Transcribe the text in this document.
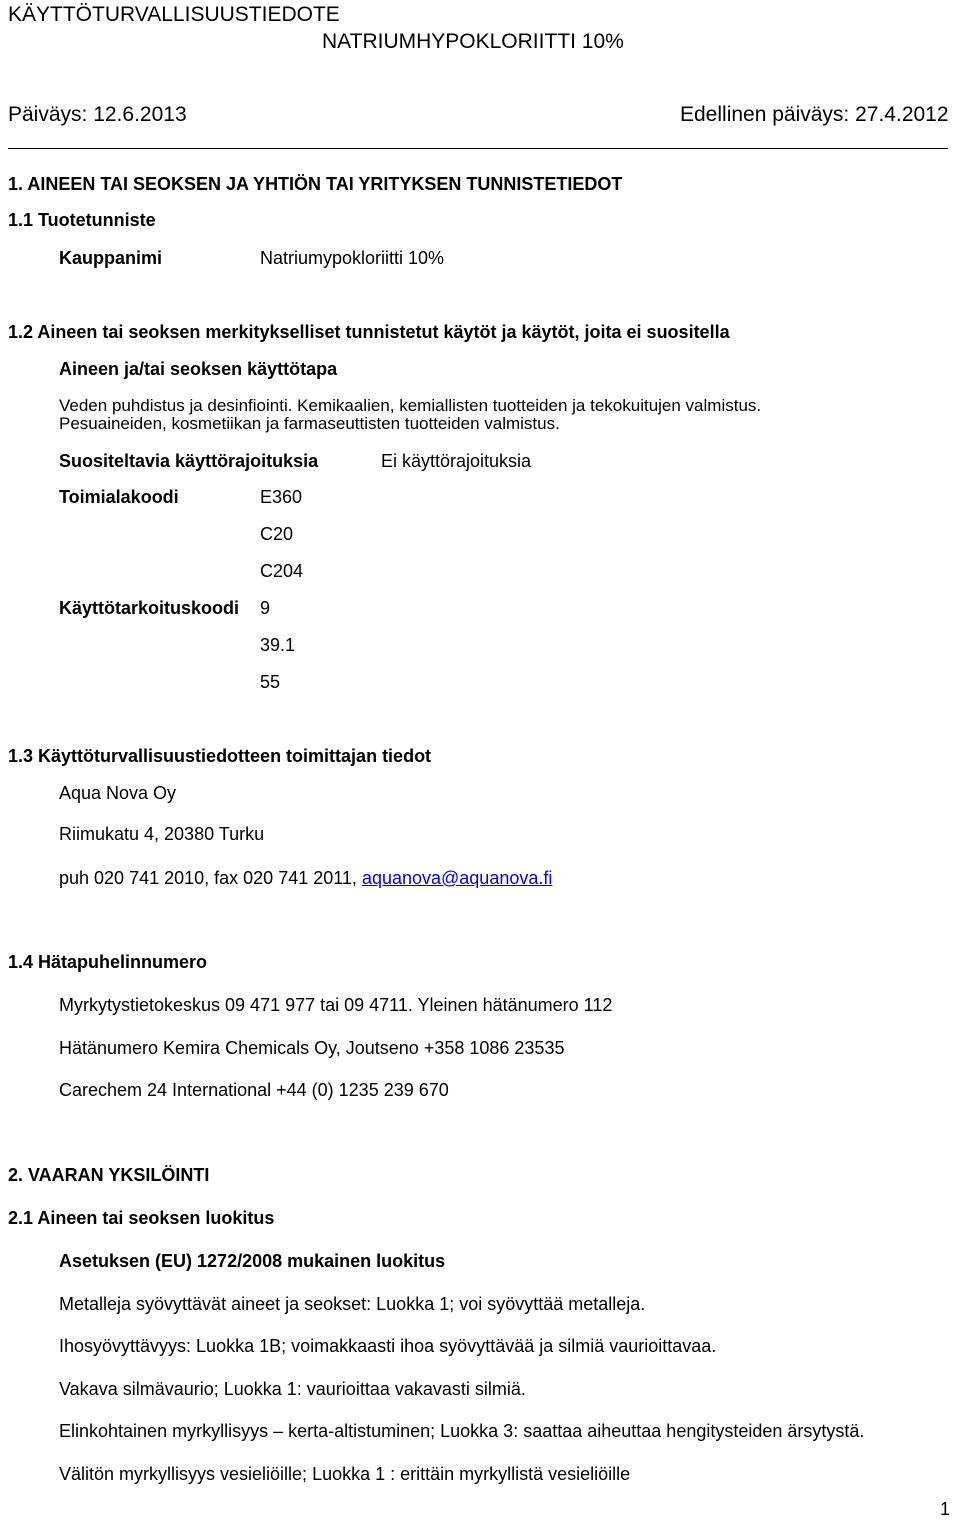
KÄYTTÖTURVALLISUUSTIEDOTE
NATRIUMHYPOKLORIITTI 10%
Päiväys: 12.6.2013	Edellinen päiväys: 27.4.2012
1. AINEEN TAI SEOKSEN JA YHTIÖN TAI YRITYKSEN TUNNISTETIEDOT
1.1 Tuotetunniste
Kauppanimi	Natriumypokloriitti 10%
1.2 Aineen tai seoksen merkitykselliset tunnistetut käytöt ja käytöt, joita ei suositella
Aineen ja/tai seoksen käyttötapa
Veden puhdistus ja desinfiointi. Kemikaalien, kemiallisten tuotteiden ja tekokuitujen valmistus.
Pesuaineiden, kosmetiikan ja farmaseuttisten tuotteiden valmistus.
Suositeltavia käyttörajoituksia	Ei käyttörajoituksia
Toimialakoodi	E360
C20
C204
Käyttötarkoituskoodi 9
39.1
55
1.3 Käyttöturvallisuustiedotteen toimittajan tiedot
Aqua Nova Oy
Riimukatu 4, 20380 Turku
puh 020 741 2010, fax 020 741 2011, aquanova@aquanova.fi
1.4 Hätapuhelinnumero
Myrkytystietokeskus 09 471 977 tai 09 4711. Yleinen hätänumero 112
Hätänumero Kemira Chemicals Oy, Joutseno +358 1086 23535
Carechem 24 International +44 (0) 1235 239 670
2. VAARAN YKSILÖINTI
2.1 Aineen tai seoksen luokitus
Asetuksen (EU) 1272/2008 mukainen luokitus
Metalleja syövyttävät aineet ja seokset: Luokka 1; voi syövyttää metalleja.
Ihosyövyttävyys: Luokka 1B; voimakkaasti ihoa syövyttävää ja silmiä vaurioittavaa.
Vakava silmävaurio; Luokka 1: vaurioittaa vakavasti silmiä.
Elinkohtainen myrkyllisyys – kerta-altistuminen; Luokka 3: saattaa aiheuttaa hengitysteiden ärsytystä.
Välitön myrkyllisyys vesieliöille; Luokka 1 : erittäin myrkyllistä vesieliöille
1
